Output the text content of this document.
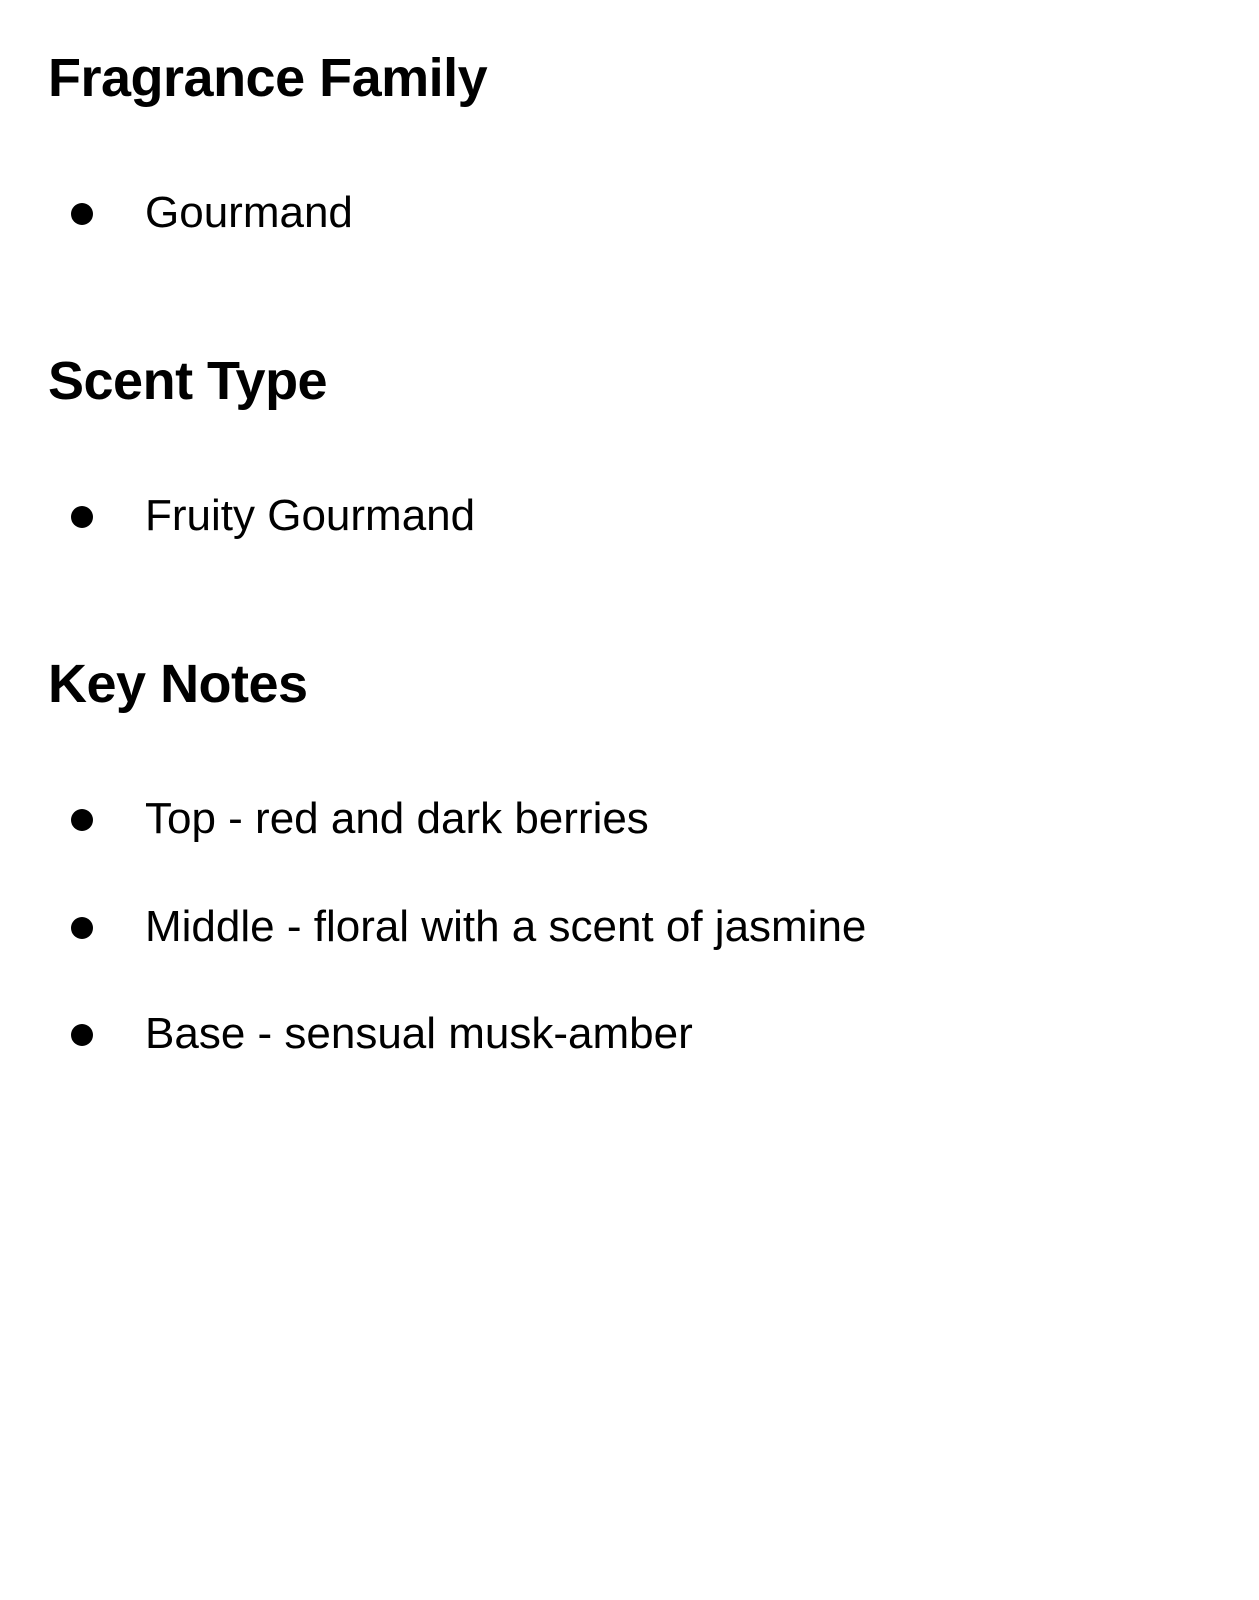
Fragrance Family
Gourmand
Scent Type
Fruity Gourmand
Key Notes
Top - red and dark berries
Middle - floral with a scent of jasmine
Base - sensual musk-amber
